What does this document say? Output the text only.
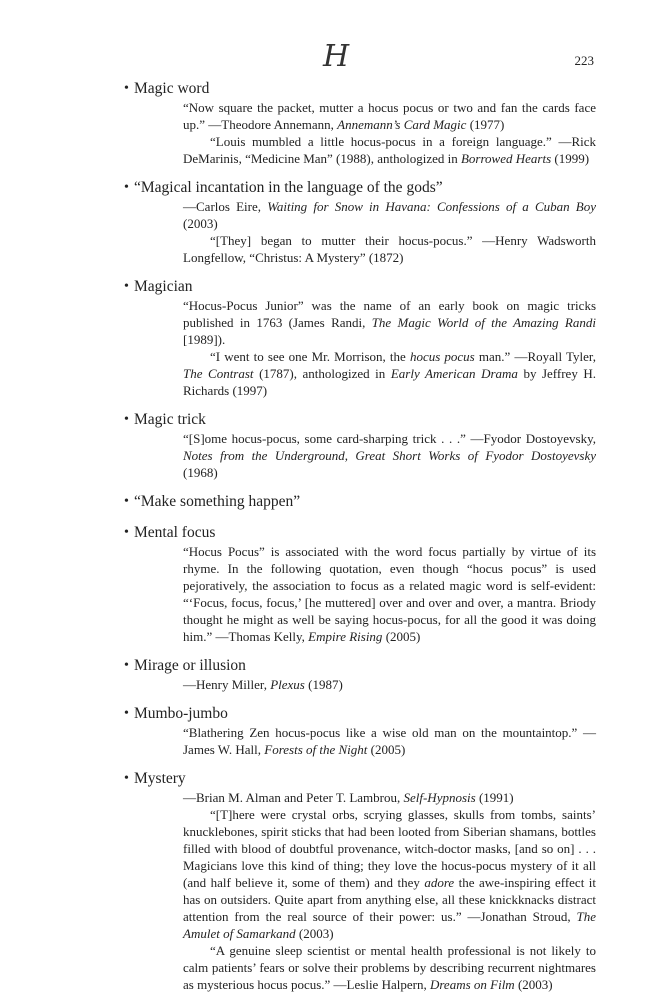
H	223
• Magic word
“Now square the packet, mutter a hocus pocus or two and fan the cards face up.” —Theodore Annemann, Annemann’s Card Magic (1977)
“Louis mumbled a little hocus-pocus in a foreign language.” —Rick DeMarinis, “Medicine Man” (1988), anthologized in Borrowed Hearts (1999)
• “Magical incantation in the language of the gods”
—Carlos Eire, Waiting for Snow in Havana: Confessions of a Cuban Boy (2003)
“[They] began to mutter their hocus-pocus.” —Henry Wadsworth Longfellow, “Christus: A Mystery” (1872)
• Magician
“Hocus-Pocus Junior” was the name of an early book on magic tricks published in 1763 (James Randi, The Magic World of the Amazing Randi [1989]).
“I went to see one Mr. Morrison, the hocus pocus man.” —Royall Tyler, The Contrast (1787), anthologized in Early American Drama by Jeffrey H. Richards (1997)
• Magic trick
“[S]ome hocus-pocus, some card-sharping trick . . .” —Fyodor Dostoyevsky, Notes from the Underground, Great Short Works of Fyodor Dostoyevsky (1968)
• “Make something happen”
• Mental focus
“Hocus Pocus” is associated with the word focus partially by virtue of its rhyme. In the following quotation, even though “hocus pocus” is used pejoratively, the association to focus as a related magic word is self-evident: “‘Focus, focus, focus,’ [he muttered] over and over and over, a mantra. Briody thought he might as well be saying hocus-pocus, for all the good it was doing him.” —Thomas Kelly, Empire Rising (2005)
• Mirage or illusion
—Henry Miller, Plexus (1987)
• Mumbo-jumbo
“Blathering Zen hocus-pocus like a wise old man on the mountaintop.” —James W. Hall, Forests of the Night (2005)
• Mystery
—Brian M. Alman and Peter T. Lambrou, Self-Hypnosis (1991)
“[T]here were crystal orbs, scrying glasses, skulls from tombs, saints’ knucklebones, spirit sticks that had been looted from Siberian shamans, bottles filled with blood of doubtful provenance, witch-doctor masks, [and so on] . . . Magicians love this kind of thing; they love the hocus-pocus mystery of it all (and half believe it, some of them) and they adore the awe-inspiring effect it has on outsiders. Quite apart from anything else, all these knickknacks distract attention from the real source of their power: us.” —Jonathan Stroud, The Amulet of Samarkand (2003)
“A genuine sleep scientist or mental health professional is not likely to calm patients’ fears or solve their problems by describing recurrent nightmares as mysterious hocus pocus.” —Leslie Halpern, Dreams on Film (2003)
